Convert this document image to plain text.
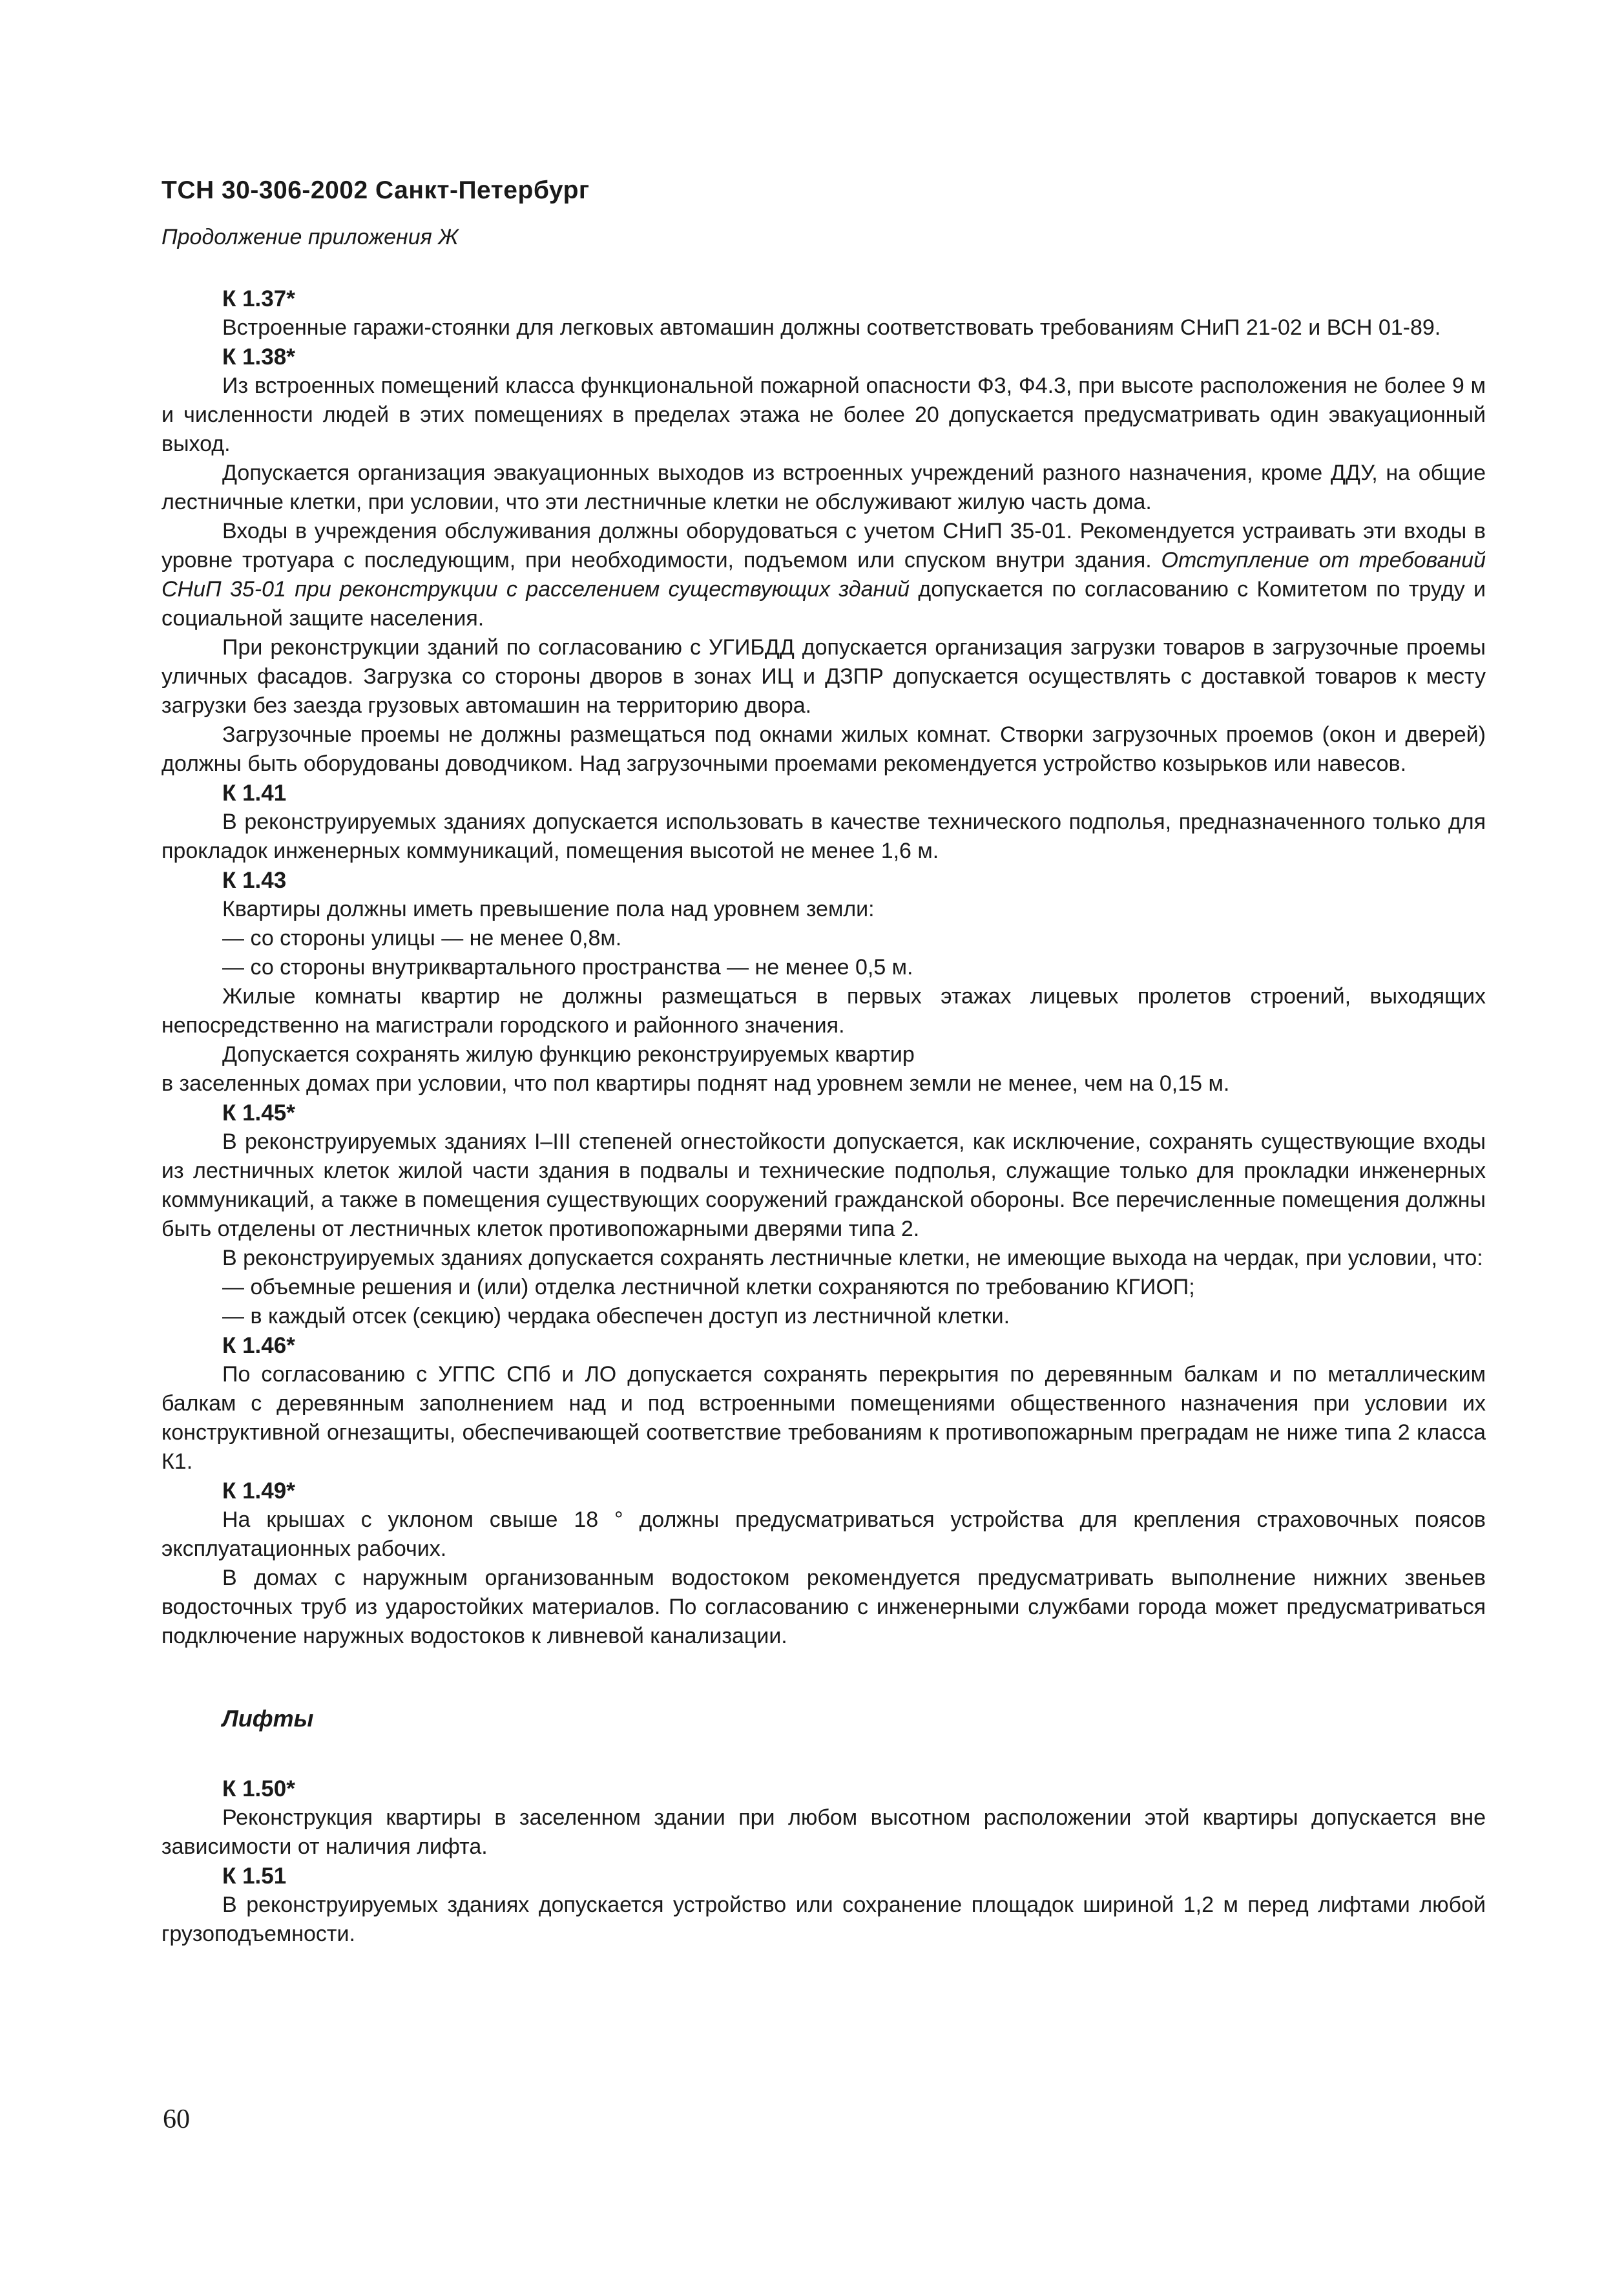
ТСН 30-306-2002 Санкт-Петербург

Продолжение приложения Ж

К 1.37*

Встроенные гаражи-стоянки для легковых автомашин должны соответствовать требованиям СНиП 21-02 и ВСН 01-89.

К 1.38*

Из встроенных помещений класса функциональной пожарной опасности Ф3, Ф4.3, при высоте расположения не более 9 м и численности людей в этих помещениях в пределах этажа не более 20 допускается предусматривать один эвакуационный выход.

Допускается организация эвакуационных выходов из встроенных учреждений разного назначения, кроме ДДУ, на общие лестничные клетки, при условии, что эти лестничные клетки не обслуживают жилую часть дома.

Входы в учреждения обслуживания должны оборудоваться с учетом СНиП 35-01. Рекомендуется устраивать эти входы в уровне тротуара с последующим, при необходимости, подъемом или спуском внутри здания. Отступление от требований СНиП 35-01 при реконструкции с расселением существующих зданий допускается по согласованию с Комитетом по труду и социальной защите населения.

При реконструкции зданий по согласованию с УГИБДД допускается организация загрузки товаров в загрузочные проемы уличных фасадов. Загрузка со стороны дворов в зонах ИЦ и ДЗПР допускается осуществлять с доставкой товаров к месту загрузки без заезда грузовых автомашин на территорию двора.

Загрузочные проемы не должны размещаться под окнами жилых комнат. Створки загрузочных проемов (окон и дверей) должны быть оборудованы доводчиком. Над загрузочными проемами рекомендуется устройство козырьков или навесов.

К 1.41

В реконструируемых зданиях допускается использовать в качестве технического подполья, предназначенного только для прокладок инженерных коммуникаций, помещения высотой не менее 1,6 м.

К 1.43

Квартиры должны иметь превышение пола над уровнем земли:

— со стороны улицы — не менее 0,8м.

— со стороны внутриквартального пространства — не менее 0,5 м.

Жилые комнаты квартир не должны размещаться в первых этажах лицевых пролетов строений, выходящих непосредственно на магистрали городского и районного значения.

Допускается сохранять жилую функцию реконструируемых квартир

в заселенных домах при условии, что пол квартиры поднят над уровнем земли не менее, чем на 0,15 м.

К 1.45*

В реконструируемых зданиях I–III степеней огнестойкости допускается, как исключение, сохранять существующие входы из лестничных клеток жилой части здания в подвалы и технические подполья, служащие только для прокладки инженерных коммуникаций, а также в помещения существующих сооружений гражданской обороны. Все перечисленные помещения должны быть отделены от лестничных клеток противопожарными дверями типа 2.

В реконструируемых зданиях допускается сохранять лестничные клетки, не имеющие выхода на чердак, при условии, что:

— объемные решения и (или) отделка лестничной клетки сохраняются по требованию КГИОП;

— в каждый отсек (секцию) чердака обеспечен доступ из лестничной клетки.

К 1.46*

По согласованию с УГПС СПб и ЛО допускается сохранять перекрытия по деревянным балкам и по металлическим балкам с деревянным заполнением над и под встроенными помещениями общественного назначения при условии их конструктивной огнезащиты, обеспечивающей соответствие требованиям к противопожарным преградам не ниже типа 2 класса К1.

К 1.49*

На крышах с уклоном свыше 18 ° должны предусматриваться устройства для крепления страховочных поясов эксплуатационных рабочих.

В домах с наружным организованным водостоком рекомендуется предусматривать выполнение нижних звеньев водосточных труб из ударостойких материалов. По согласованию с инженерными службами города может предусматриваться подключение наружных водостоков к ливневой канализации.

Лифты
К 1.50*

Реконструкция квартиры в заселенном здании при любом высотном расположении этой квартиры допускается вне зависимости от наличия лифта.

К 1.51

В реконструируемых зданиях допускается устройство или сохранение площадок шириной 1,2 м перед лифтами любой грузоподъемности.

60
